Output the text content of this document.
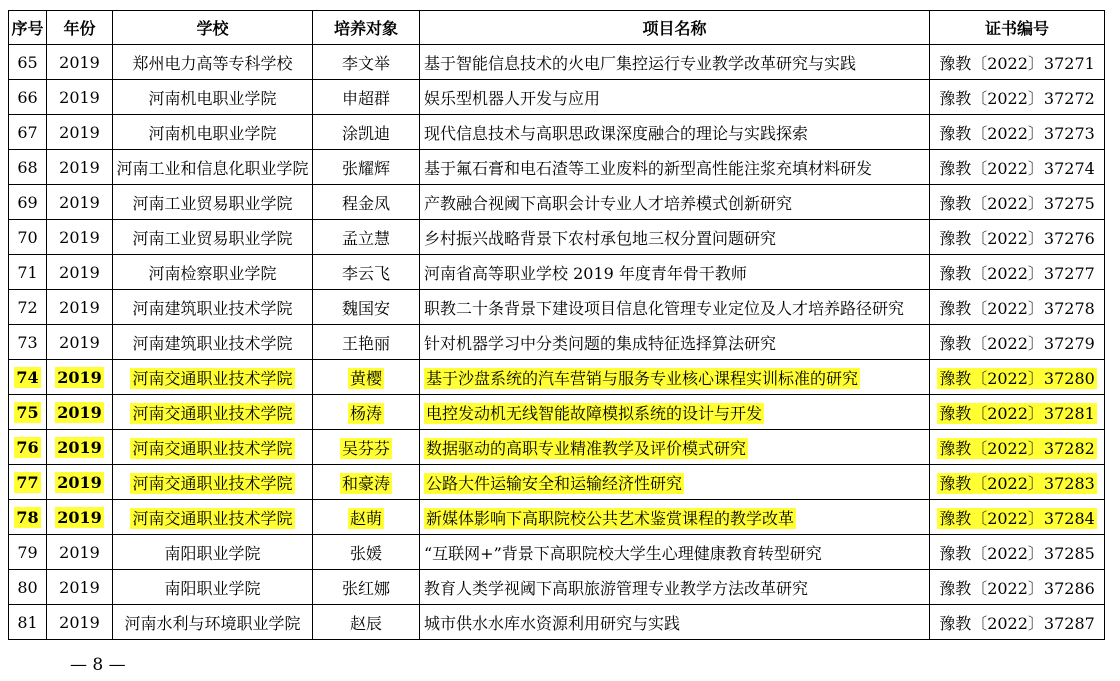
序号	年份	学校	培养对象	项目名称	证书编号
65	2019	郑州电力高等专科学校	李文举	基于智能信息技术的火电厂集控运行专业教学改革研究与实践	豫教〔2022〕37271
66	2019	河南机电职业学院	申超群	娱乐型机器人开发与应用	豫教〔2022〕37272
67	2019	河南机电职业学院	涂凯迪	现代信息技术与高职思政课深度融合的理论与实践探索	豫教〔2022〕37273
68	2019	河南工业和信息化职业学院	张耀辉	基于氟石膏和电石渣等工业废料的新型高性能注浆充填材料研发	豫教〔2022〕37274
69	2019	河南工业贸易职业学院	程金凤	产教融合视阈下高职会计专业人才培养模式创新研究	豫教〔2022〕37275
70	2019	河南工业贸易职业学院	孟立慧	乡村振兴战略背景下农村承包地三权分置问题研究	豫教〔2022〕37276
71	2019	河南检察职业学院	李云飞	河南省高等职业学校 2019 年度青年骨干教师	豫教〔2022〕37277
72	2019	河南建筑职业技术学院	魏国安	职教二十条背景下建设项目信息化管理专业定位及人才培养路径研究	豫教〔2022〕37278
73	2019	河南建筑职业技术学院	王艳丽	针对机器学习中分类问题的集成特征选择算法研究	豫教〔2022〕37279
74	2019	河南交通职业技术学院	黄樱	基于沙盘系统的汽车营销与服务专业核心课程实训标准的研究	豫教〔2022〕37280
75	2019	河南交通职业技术学院	杨涛	电控发动机无线智能故障模拟系统的设计与开发	豫教〔2022〕37281
76	2019	河南交通职业技术学院	吴芬芬	数据驱动的高职专业精准教学及评价模式研究	豫教〔2022〕37282
77	2019	河南交通职业技术学院	和豪涛	公路大件运输安全和运输经济性研究	豫教〔2022〕37283
78	2019	河南交通职业技术学院	赵萌	新媒体影响下高职院校公共艺术鉴赏课程的教学改革	豫教〔2022〕37284
79	2019	南阳职业学院	张媛	“互联网+”背景下高职院校大学生心理健康教育转型研究	豫教〔2022〕37285
80	2019	南阳职业学院	张红娜	教育人类学视阈下高职旅游管理专业教学方法改革研究	豫教〔2022〕37286
81	2019	河南水利与环境职业学院	赵辰	城市供水水库水资源利用研究与实践	豫教〔2022〕37287
— 8 —
